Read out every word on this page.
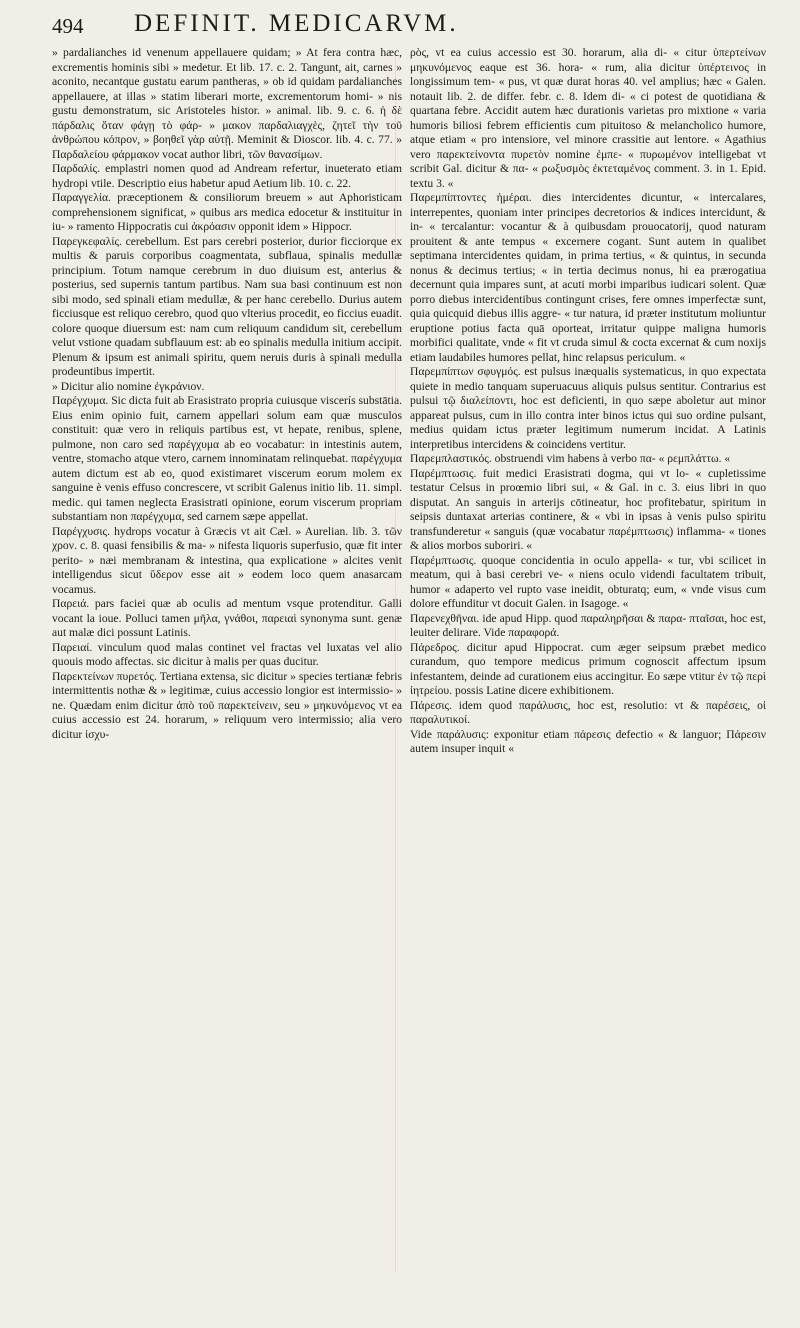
494 DEFINIT. MEDICARVM.

» pardalianches id venenum appellauere quidam; » At fera contra hæc, excrementis hominis sibi » medetur. Et lib. 17. c. 2. Tangunt, ait, carnes » aconito, necantque gustatu earum pantheras, » ob id quidam pardalianches appellauere, at illas » statim liberari morte, excrementorum homi- » nis gustu demonstratum, sic Aristoteles histor. » animal. lib. 9. c. 6. ἡ δὲ πάρδαλις ὅταν φάγῃ τὸ φάρ- » μακον παρδαλιαγχὲς, ζητεῖ τὴν τοῦ ἀνθρώπου κόπρον, » βοηθεῖ γὰρ αὐτῇ. Meminit & Dioscor. lib. 4. c. 77. » Παρδαλείου φάρμακον vocat author libri, τῶν θανασίμων.

Παρδαλίς. emplastri nomen quod ad Andream refertur, inueterato etiam hydropi vtile. Descriptio eius habetur apud Aetium lib. 10. c. 22.

Παραγγελία. præceptionem & consiliorum breuem » aut Aphoristicam comprehensionem significat, » quibus ars medica edocetur & instituitur in iu- » ramento Hippocratis cui ἀκρόασιν opponit idem » Hippocr.

Παρεγκεφαλίς. cerebellum. Est pars cerebri posterior, durior ficciorque ex multis & paruis corporibus coagmentata, subflaua, spinalis medullæ principium. Totum namque cerebrum in duo diuisum est, anterius & posterius, sed supernis tantum partibus. Nam sua basi continuum est non sibi modo, sed spinali etiam medullæ, & per hanc cerebello. Durius autem ficciusque est reliquo cerebro, quod quo vlterius procedit, eo ficcius euadit. colore quoque diuersum est: nam cum reliquum candidum sit, cerebellum velut vstione quadam subflauum est: ab eo spinalis medulla initium accipit. Plenum & ipsum est animali spiritu, quem neruis duris à spinali medulla prodeuntibus impertit.

» Dicitur alio nomine ἐγκράνιον.

Παρέγχυμα. Sic dicta fuit ab Erasistrato propria cuiusque viscerís substātia. Eius enim opinio fuit, carnem appellari solum eam quæ musculos constituit: quæ vero in reliquis partibus est, vt hepate, renibus, splene, pulmone, non caro sed παρέγχυμα ab eo vocabatur: in intestinis autem, ventre, stomacho atque vtero, carnem innominatam relinquebat. παρέγχυμα autem dictum est ab eo, quod existimaret viscerum eorum molem ex sanguine è venis effuso concrescere, vt scribit Galenus initio lib. 11. simpl. medic. qui tamen neglecta Erasistrati opinione, eorum viscerum propriam substantiam non παρέγχυμα, sed carnem sæpe appellat.

Παρέγχυσις. hydrops vocatur à Græcis vt ait Cæl. » Aurelian. lib. 3. τῶν χρον. c. 8. quasi fensibilis & ma- » nifesta liquoris superfusio, quæ fit inter perito- » næi membranam & intestina, qua explicatione » alcites venit intelligendus sicut ὕδερον esse ait » eodem loco quem anasarcam vocamus.

Παρειά. pars faciei quæ ab oculis ad mentum vsque protenditur. Galli vocant la ioue. Polluci tamen μῆλα, γνάθοι, παρειαὶ synonyma sunt. genæ aut malæ dici possunt Latinis.

Παρειαί. vinculum quod malas continet vel fractas vel luxatas vel alio quouis modo affectas. sic dicitur à malis per quas ducitur.

Παρεκτείνων πυρετός. Tertiana extensa, sic dicitur » species tertianæ febris intermittentis nothæ & » legitimæ, cuius accessio longior est intermissio- » ne. Quædam enim dicitur ἀπὸ τοῦ παρεκτείνειν, seu » μηκυνόμενος vt ea cuius accessio est 24. horarum, » reliquum vero intermissio; alia vero dicitur ἰσχυ-

ρὸς, vt ea cuius accessio est 30. horarum, alia di- « citur ὑπερτείνων μηκυνόμενος eaque est 36. hora- « rum, alia dicitur ὑπέρτεινος in longissimum tem- « pus, vt quæ durat horas 40. vel amplius; hæc « Galen. notauit lib. 2. de differ. febr. c. 8. Idem di- « ci potest de quotidiana & quartana febre. Accidit autem hæc durationis varietas pro mixtione « varia humoris biliosi febrem efficientis cum pituitoso & melancholico humore, atque etiam « pro intensiore, vel minore crassitie aut lentore. « Agathius vero παρεκτείνοντα πυρετὸν nomine ἐμπε- « πυρωμένον intelligebat vt scribit Gal. dicitur & πα- « ρωξυσμὸς ἐκτεταμένος comment. 3. in 1. Epid. textu 3. «

Παρεμπίπτοντες ἡμέραι. dies intercidentes dicuntur, « intercalares, interrepentes, quoniam inter principes decretorios & indices intercidunt, & in- « tercalantur: vocantur & à quibusdam prouocatorij, quod naturam prouitent & ante tempus « excernere cogant. Sunt autem in qualibet septimana intercidentes quidam, in prima tertius, « & quintus, in secunda nonus & decimus tertius; « in tertia decimus nonus, hi ea prærogatiua decernunt quia impares sunt, at acuti morbi imparibus iudicari solent. Quæ porro diebus intercidentibus contingunt crises, fere omnes imperfectæ sunt, quia quicquid diebus illis aggre- « tur natura, id præter institutum moliuntur eruptione potius facta quā oporteat, irritatur quippe maligna humoris morbifici qualitate, vnde « fit vt cruda simul & cocta excernat & cum noxijs etiam laudabiles humores pellat, hinc relapsus periculum. «

Παρεμπίπτων σφυγμός. est pulsus inæqualis systematicus, in quo expectata quiete in medio tanquam superuacuus aliquis pulsus sentitur. Contrarius est pulsui τῷ διαλείποντι, hoc est deficienti, in quo sæpe aboletur aut minor appareat pulsus, cum in illo contra inter binos ictus qui suo ordine pulsant, medius quidam ictus præter legitimum numerum incidat. A Latinis interpretibus intercidens & coincidens vertitur.

Παρεμπλαστικός. obstruendi vim habens à verbo πα- « ρεμπλάττω. «

Παρέμπτωσις. fuit medici Erasistrati dogma, qui vt lo- « cupletissime testatur Celsus in proœmio libri sui, « & Gal. in c. 3. eius libri in quo disputat. An sanguis in arterijs cōtineatur, hoc profitebatur, spiritum in seipsis duntaxat arterias continere, & « vbi in ipsas à venis pulso spiritu transfunderetur « sanguis (quæ vocabatur παρέμπτωσις) inflamma- « tiones & alios morbos suboriri. «

Παρέμπτωσις. quoque concidentia in oculo appella- « tur, vbi scilicet in meatum, qui à basi cerebri ve- « niens oculo videndi facultatem tribuit, humor « adaperto vel rupto vase ineidit, obturatq; eum, « vnde visus cum dolore effunditur vt docuit Galen. in Isagoge. «

Παρενεχθῆναι. ide apud Hipp. quod παραληρῆσαι & παρα- πταῖσαι, hoc est, leuiter delirare. Vide παραφορά.

Πάρεδρος. dicitur apud Hippocrat. cum æger seipsum præbet medico curandum, quo tempore medicus primum cognoscit affectum ipsum infestantem, deinde ad curationem eius accingitur. Eo sæpe vtitur ἐν τῷ περὶ ἰητρείου. possis Latine dicere exhibitionem.

Πάρεσις. idem quod παράλυσις, hoc est, resolutio: vt & παρέσεις, οἱ παραλυτικοί.

Vide παράλυσις: exponitur etiam πάρεσις defectio « & languor; Πάρεσιν autem insuper inquit «
